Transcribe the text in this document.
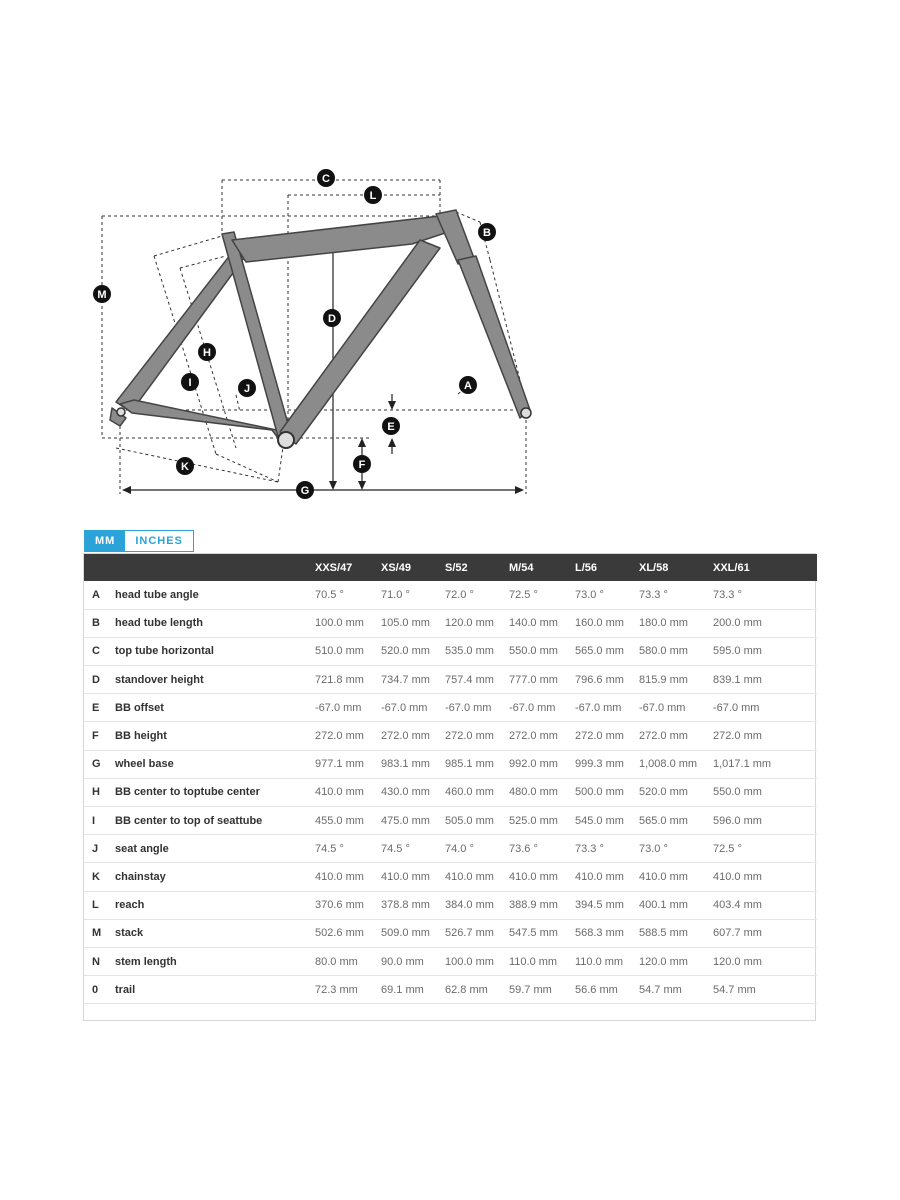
C
L
B
M
D
H
I	J	A
E
F
K
G
MM	INCHES
		XXS/47	XS/49	S/52	M/54	L/56	XL/58	XXL/61
A	head tube angle	70.5 °	71.0 °	72.0 °	72.5 °	73.0 °	73.3 °	73.3 °
B	head tube length	100.0 mm	105.0 mm	120.0 mm	140.0 mm	160.0 mm	180.0 mm	200.0 mm
C	top tube horizontal	510.0 mm	520.0 mm	535.0 mm	550.0 mm	565.0 mm	580.0 mm	595.0 mm
D	standover height	721.8 mm	734.7 mm	757.4 mm	777.0 mm	796.6 mm	815.9 mm	839.1 mm
E	BB offset	-67.0 mm	-67.0 mm	-67.0 mm	-67.0 mm	-67.0 mm	-67.0 mm	-67.0 mm
F	BB height	272.0 mm	272.0 mm	272.0 mm	272.0 mm	272.0 mm	272.0 mm	272.0 mm
G	wheel base	977.1 mm	983.1 mm	985.1 mm	992.0 mm	999.3 mm	1,008.0 mm	1,017.1 mm
H	BB center to toptube center	410.0 mm	430.0 mm	460.0 mm	480.0 mm	500.0 mm	520.0 mm	550.0 mm
I	BB center to top of seattube	455.0 mm	475.0 mm	505.0 mm	525.0 mm	545.0 mm	565.0 mm	596.0 mm
J	seat angle	74.5 °	74.5 °	74.0 °	73.6 °	73.3 °	73.0 °	72.5 °
K	chainstay	410.0 mm	410.0 mm	410.0 mm	410.0 mm	410.0 mm	410.0 mm	410.0 mm
L	reach	370.6 mm	378.8 mm	384.0 mm	388.9 mm	394.5 mm	400.1 mm	403.4 mm
M	stack	502.6 mm	509.0 mm	526.7 mm	547.5 mm	568.3 mm	588.5 mm	607.7 mm
N	stem length	80.0 mm	90.0 mm	100.0 mm	110.0 mm	110.0 mm	120.0 mm	120.0 mm
0	trail	72.3 mm	69.1 mm	62.8 mm	59.7 mm	56.6 mm	54.7 mm	54.7 mm
